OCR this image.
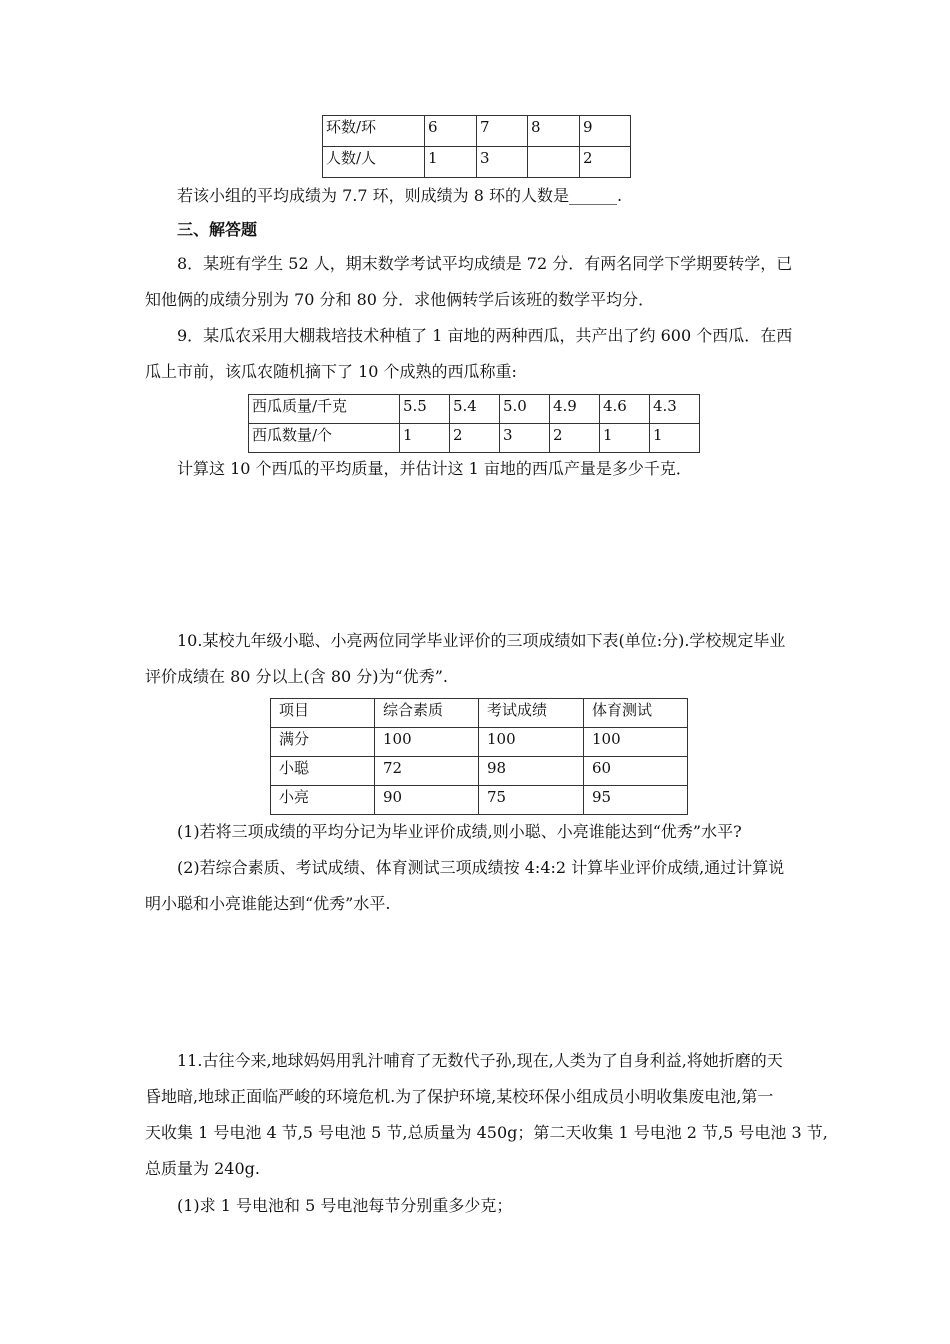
环数/环	6	7	8	9
人数/人	1	3		2
若该小组的平均成绩为 7.7 环，则成绩为 8 环的人数是______.
三、解答题
8．某班有学生 52 人，期末数学考试平均成绩是 72 分．有两名同学下学期要转学，已
知他俩的成绩分别为 70 分和 80 分．求他俩转学后该班的数学平均分．
9．某瓜农采用大棚栽培技术种植了 1 亩地的两种西瓜，共产出了约 600 个西瓜．在西
瓜上市前，该瓜农随机摘下了 10 个成熟的西瓜称重:
西瓜质量/千克	5.5	5.4	5.0	4.9	4.6	4.3
西瓜数量/个	1	2	3	2	1	1
计算这 10 个西瓜的平均质量，并估计这 1 亩地的西瓜产量是多少千克．
10.某校九年级小聪、小亮两位同学毕业评价的三项成绩如下表(单位:分).学校规定毕业
评价成绩在 80 分以上(含 80 分)为“优秀”.
项目	综合素质	考试成绩	体育测试
满分	100	100	100
小聪	72	98	60
小亮	90	75	95
(1)若将三项成绩的平均分记为毕业评价成绩,则小聪、小亮谁能达到“优秀”水平?
(2)若综合素质、考试成绩、体育测试三项成绩按 4:4:2 计算毕业评价成绩,通过计算说
明小聪和小亮谁能达到“优秀”水平.
11.古往今来,地球妈妈用乳汁哺育了无数代子孙,现在,人类为了自身利益,将她折磨的天
昏地暗,地球正面临严峻的环境危机.为了保护环境,某校环保小组成员小明收集废电池,第一
天收集 1 号电池 4 节,5 号电池 5 节,总质量为 450g；第二天收集 1 号电池 2 节,5 号电池 3 节,
总质量为 240g.
(1)求 1 号电池和 5 号电池每节分别重多少克；
